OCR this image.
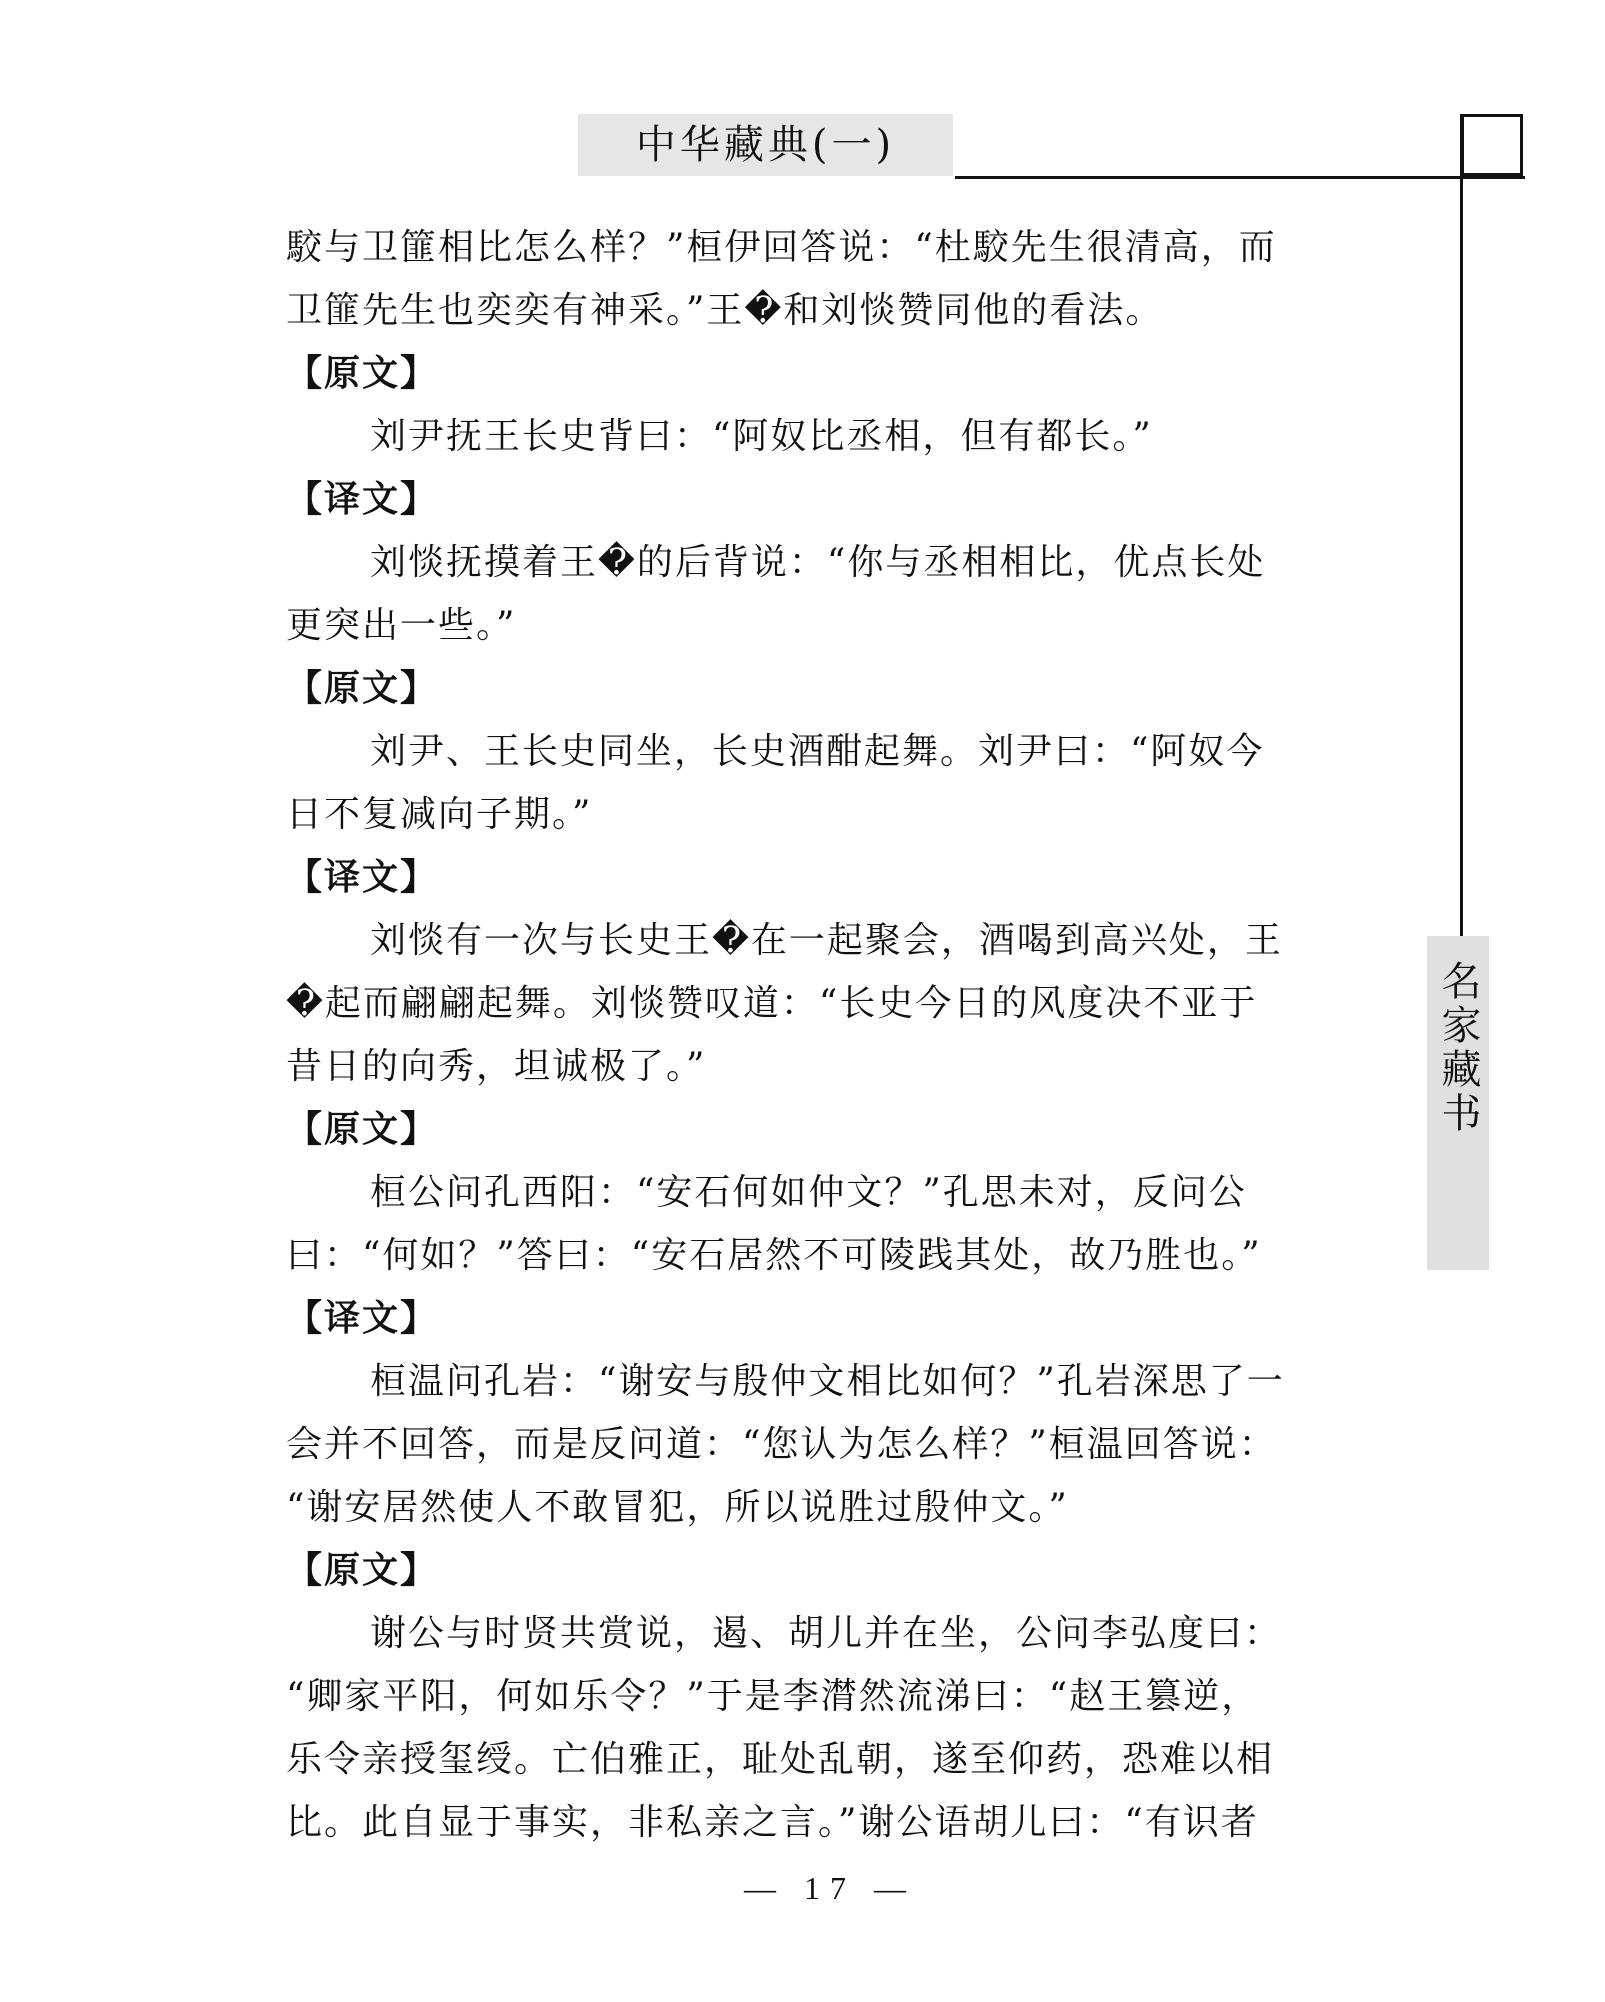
中华藏典(一)
名家藏书
駮与卫篚相比怎么样？”桓伊回答说：“杜駮先生很清高，而
卫篚先生也奕奕有神采。”王�和刘惔赞同他的看法。
【原文】
刘尹抚王长史背曰：“阿奴比丞相，但有都长。”
【译文】
刘惔抚摸着王�的后背说：“你与丞相相比，优点长处
更突出一些。”
【原文】
刘尹、王长史同坐，长史酒酣起舞。刘尹曰：“阿奴今
日不复减向子期。”
【译文】
刘惔有一次与长史王�在一起聚会，酒喝到高兴处，王
�起而翩翩起舞。刘惔赞叹道：“长史今日的风度决不亚于
昔日的向秀，坦诚极了。”
【原文】
桓公问孔西阳：“安石何如仲文？”孔思未对，反问公
曰：“何如？”答曰：“安石居然不可陵践其处，故乃胜也。”
【译文】
桓温问孔岩：“谢安与殷仲文相比如何？”孔岩深思了一
会并不回答，而是反问道：“您认为怎么样？”桓温回答说：
“谢安居然使人不敢冒犯，所以说胜过殷仲文。”
【原文】
谢公与时贤共赏说，遏、胡儿并在坐，公问李弘度曰：
“卿家平阳，何如乐令？”于是李潸然流涕曰：“赵王篡逆，
乐令亲授玺绶。亡伯雅正，耻处乱朝，遂至仰药，恐难以相
比。此自显于事实，非私亲之言。”谢公语胡儿曰：“有识者
— 17 —
